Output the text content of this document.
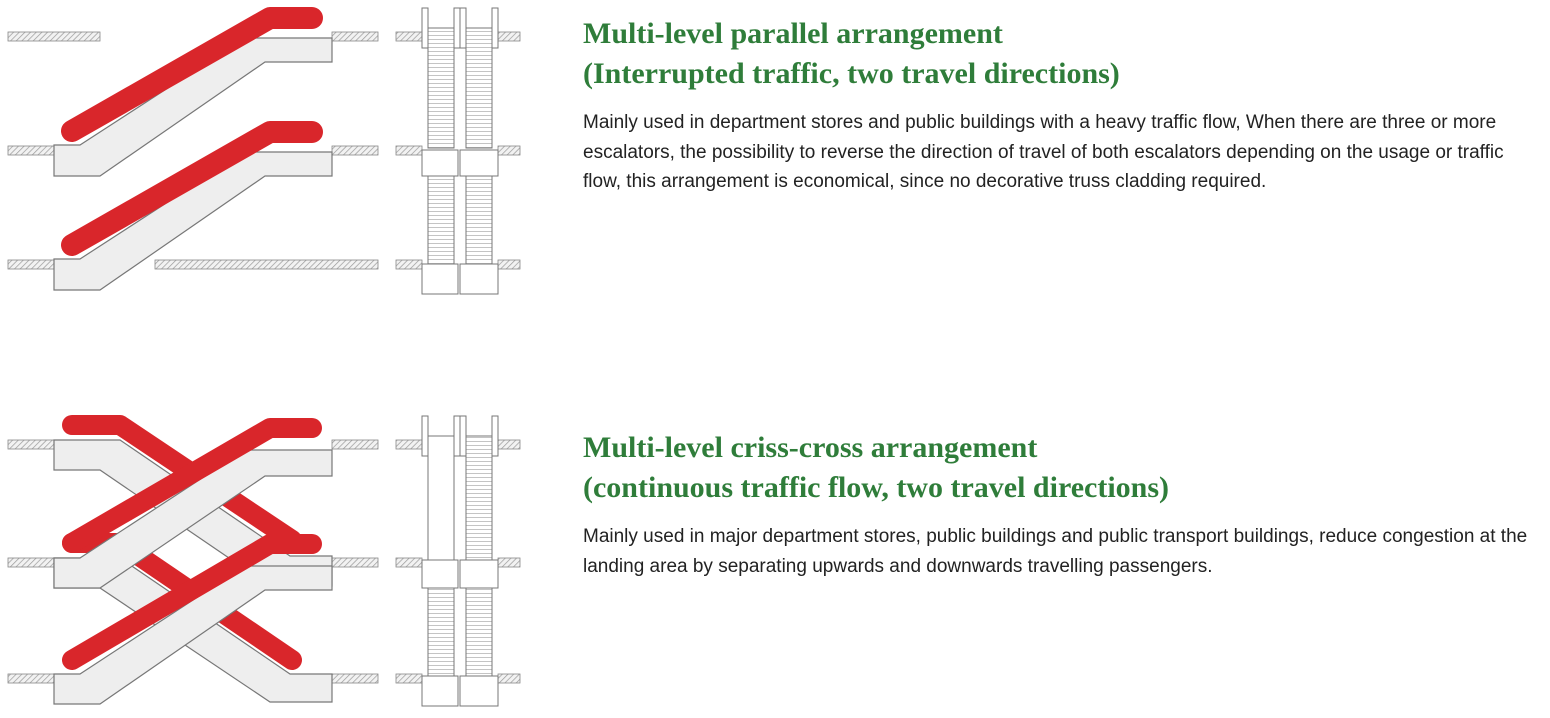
Multi-level parallel arrangement
(Interrupted traffic, two travel directions)

Mainly used in department stores and public buildings with a heavy traffic flow, When there are three or more escalators, the possibility to reverse the direction of travel of both escalators depending on the usage or traffic flow, this arrangement is economical, since no decorative truss cladding required.

Multi-level criss-cross arrangement
(continuous traffic flow, two travel directions)

Mainly used in major department stores, public buildings and public transport buildings, reduce congestion at the landing area by separating upwards and downwards travelling passengers.
